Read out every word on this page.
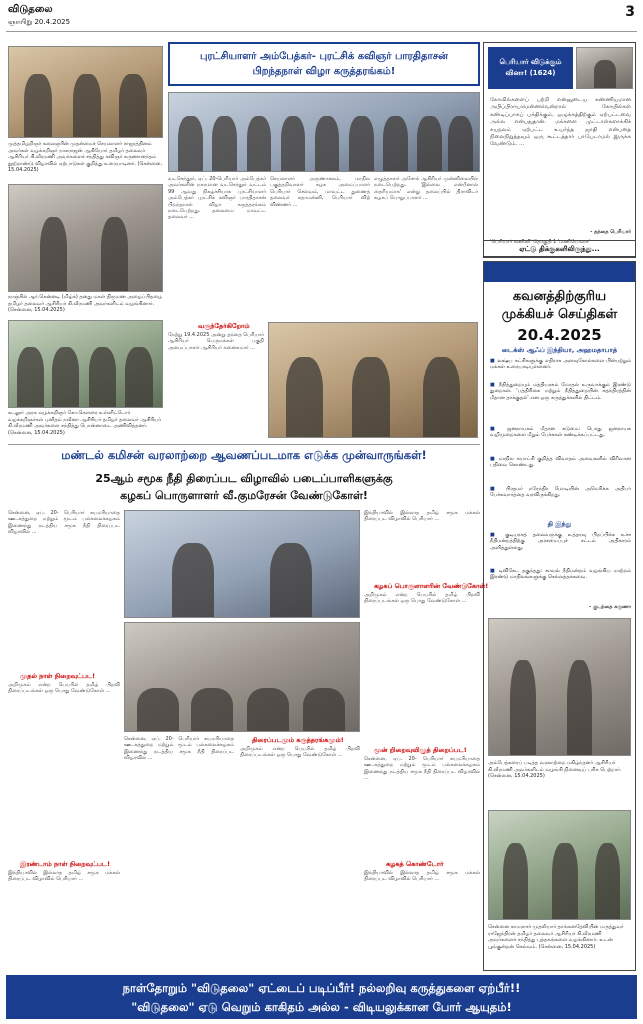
விடுதலை
ஞாயிறு 20.4.2025
3
முத்தமிழறிஞர் கலைஞரின் முதன்மைச் செயலாளர் ராஜரத்தினம் அவர்கள் வழக்கறிஞர் நாகராஜன் ஆகியோர் தமிழர் தலைவர் ஆசிரியர் கி.வீரமணி அவர்களைச் சந்தித்து கவிஞர் கருணானந்தம் நூற்றாண்டு விழாவில் ஏற்பாடுகள் குறித்து உரையாடினர். (சென்னை, 15.04.2025)
நாஞ்சில் ஆர்.கென்னடி (மிழ்க்) தனது மகள் திருமண அழைப்பிதழை தமிழர் தலைவர் ஆசிரியர் கி.வீரமணி அவர்களிடம் வழங்கினார். (சென்னை, 15.04.2025)
கடலூர் அரசு வழக்கறிஞர் கோ.கௌரை உள்ளிட்டோர் வழக்கறிஞர்கள் புனிதம் நவீனா ஆசிரியர் தமிழர் தலைவர் ஆசிரியர் கி.வீரமணி அவர்களை சந்தித்து பொன்னாடை அணிவித்தனர். (சென்னை, 15.04.2025)
புரட்சியாளர் அம்பேத்கர்- புரட்சிக் கவிஞர் பாரதிதாசன்
பிறந்தநாள் விழா கருத்தரங்கம்!
வடசெந்தூர், ஏப். 20-பெரியார் அம்பேத்கர் அவர்களின் நகரமான வடசெந்தூர் வட்டம் 99 ஆவது நிகழ்ச்சியாக புரட்சியாளர் அம்பேத்கர் புரட்சிக் கவிஞர் பாரதிதாசன் பிறந்தநாள் விழா கருத்தரங்கம் நடைபெற்றது. தலைமை: மாவட்ட தலைவர் ...
செயலாளர் அருணாசலம், மாநில பகுத்தறிவாளர் கழக அமைப்பாளர் பெரியார் செல்வம், மாவட்ட துணைத் தலைவர் சுதாமன்னி, பெரியார் விற் விண்ணர் ...
எழுத்தாளர் அசோக் ஆசிரியர் முன்னிலையில் நடைபெற்றது. 'இல்லை என்பீனால் தைரியமாக' என்று தலைப்பில் திராவிடர் கழகப் பொறுப்பாளர் ...
வருந்தேர்கிறோம்
நேற்று 19.4.2025 அன்று தந்தை பெரியார் ஆசிரியர் பெருமக்கள் பகுதி அமைப்பாளர் ஆசிரியர் கனைசுமார் ...
பெரியார் விடுக்கும்
வினா! (1624)
கோவில்களைப் பற்றி என்னுடைய கண்ணியமான அபிப்பிராயமென்னவென்றால் கோயில்கள் கண்டிப்பாகப் பக்திக்கும், ஒழுக்கத்திற்கும் ஏற்பட்டவை அல்ல என்பதுதான். மக்களை முட்டாள்களாக்கிச் சுயநலம் ஏற்பட்ட உயர்ந்த ஜாதி என்பதை நிலைநிறுத்தவும் ஒரு கூட்டத்தார் பாடுபடாமல் இருக்க வேண்டும். ...
- தந்தை பெரியார்
'பெரியார் கணினி' தொகுதி 1 'மணியோசை'
ஏட்டு திக்குகளிலிருந்து...
கவனத்திற்குரிய முக்கியச் செய்திகள்
20.4.2025
டைக்ஸ் ஆஃப் இந்தியா, அஹமதாபாத்
■ லக்ஷ்ய கட்சிகளுக்கு எதிராக அளவுகோல்களை பின்பற்றும் மக்கள் உரையாடியுள்ளனர்.
■ நீதித்துறையும் மத்தியரசும் மோதல் உருவாக்கும் இரண்டு துறைகள். 'பத்திரிகை மற்றும் நீதித்துறையின் சுதந்திரத்தின் மீதான தாக்குதல்' என ஒரு கருத்துக்களில் திட்டம்.
■ ஜனநாயகம் மீதான கடுமை: பொது ஜனநாயக வழிமுறைகளை மீறும் பேச்சுகள் கண்டிக்கப்பட்டது.
■ மாநில சுயாட்சி குறித்த விவாதம் அவைகளில் விரிவான பதிவை கொண்டது.
■ பிரதமர் நரேந்திர மோடியின் அமெரிக்க அதிபர் பேச்சுவார்த்தை வரவிருக்கிறது.
தி இந்து
■ குடியரசுத் தலைவருக்கு உத்தரவு பிறப்பிக்க உச்ச நீதிமன்றத்திற்கு அரசமைப்புச் சட்டம் அதிகாரம் அளித்துள்ளது.
■ டிவிகேட தகுந்தது: காவல் நீதிமன்றம் வழங்கிய மாற்றம் இரண்டு மாநிலங்களுக்கு செல்லத்தக்கவை.
- குடந்தை கருணா
அம்பேத்கரைப் படித்த வரலாற்றை மகிழ்ந்தனர் ஆசிரியர் கி.வீரமணி அவர்களிடம் வழங்கி நினைவுப் பரிசு பெற்றார். (சென்னை, 15.04.2025)
சென்னை காமராசர் முதலியார் தாங்கனதேவியின் மருத்துவர் ராஜேந்திரன் தமிழர் தலைவர் ஆசிரியர் கி.வீரமணி அவர்களைச் சந்தித்து புத்தகங்களை வழங்கினார். உடன் பூங்குன்றன் செல்வம். (சென்னை, 15.04.2025)
மண்டல் கமிசன் வரலாற்றை ஆவணப்படமாக எடுக்க முன்வாருங்கள்!
25ஆம் சமூக நீதி திரைப்பட விழாவில் படைப்பாளிகளுக்கு
கழகப் பொருளாளர் வீ.குமரேசன் வேண்டுகோள்!
சென்னை, ஏப். 20- பெரியார் சுயமரியாதை ஊடகத்துறை மற்றும் மூடம் பல்கலைக்கழகம் இணைந்து நடத்திய சமூக நீதி திரைப்பட விழாவில் ...
முதல் நாள் நிறைவுட்பட!
அறிமுகம் என்ற பெயரில் தமிழ் பிறவி திரைப்படங்கள் ஒரு பொது வேண்டுகோள் ...
இரண்டாம் நாள் நிறைவுட்பட!
இந்தியாவில் இல்லாத தமிழ் சமூக மக்கள் திரைப்பட விழாவில் பெரியார் ...
சென்னை, ஏப். 20- பெரியார் சுயமரியாதை ஊடகத்துறை மற்றும் மூடம் பல்கலைக்கழகம் இணைந்து நடத்திய சமூக நீதி திரைப்பட விழாவில் ...
திரைப்படமும் கருத்தரங்கமும்!
அறிமுகம் என்ற பெயரில் தமிழ் பிறவி திரைப்படங்கள் ஒரு பொது வேண்டுகோள் ...
கழகப் பொருளாளரின் வேண்டுகோள்!
இந்தியாவில் இல்லாத தமிழ் சமூக மக்கள் திரைப்பட விழாவில் பெரியார் ...
அறிமுகம் என்ற பெயரில் தமிழ் பிறவி திரைப்படங்கள் ஒரு பொது வேண்டுகோள் ...
மூன் றிறைவுவிழுத் திறைப்பட!
சென்னை, ஏப். 20- பெரியார் சுயமரியாதை ஊடகத்துறை மற்றும் மூடம் பல்கலைக்கழகம் இணைந்து நடத்திய சமூக நீதி திரைப்பட விழாவில் ...
கழகத் கொண்டோர்
இந்தியாவில் இல்லாத தமிழ் சமூக மக்கள் திரைப்பட விழாவில் பெரியார் ...
நாள்தோறும் "விடுதலை" ஏட்டைப் படிப்பீர்! நல்லறிவு கருத்துகளை ஏற்பீர்!!
"விடுதலை" ஏடு வெறும் காகிதம் அல்ல - விடியலுக்கான போர் ஆயுதம்!
